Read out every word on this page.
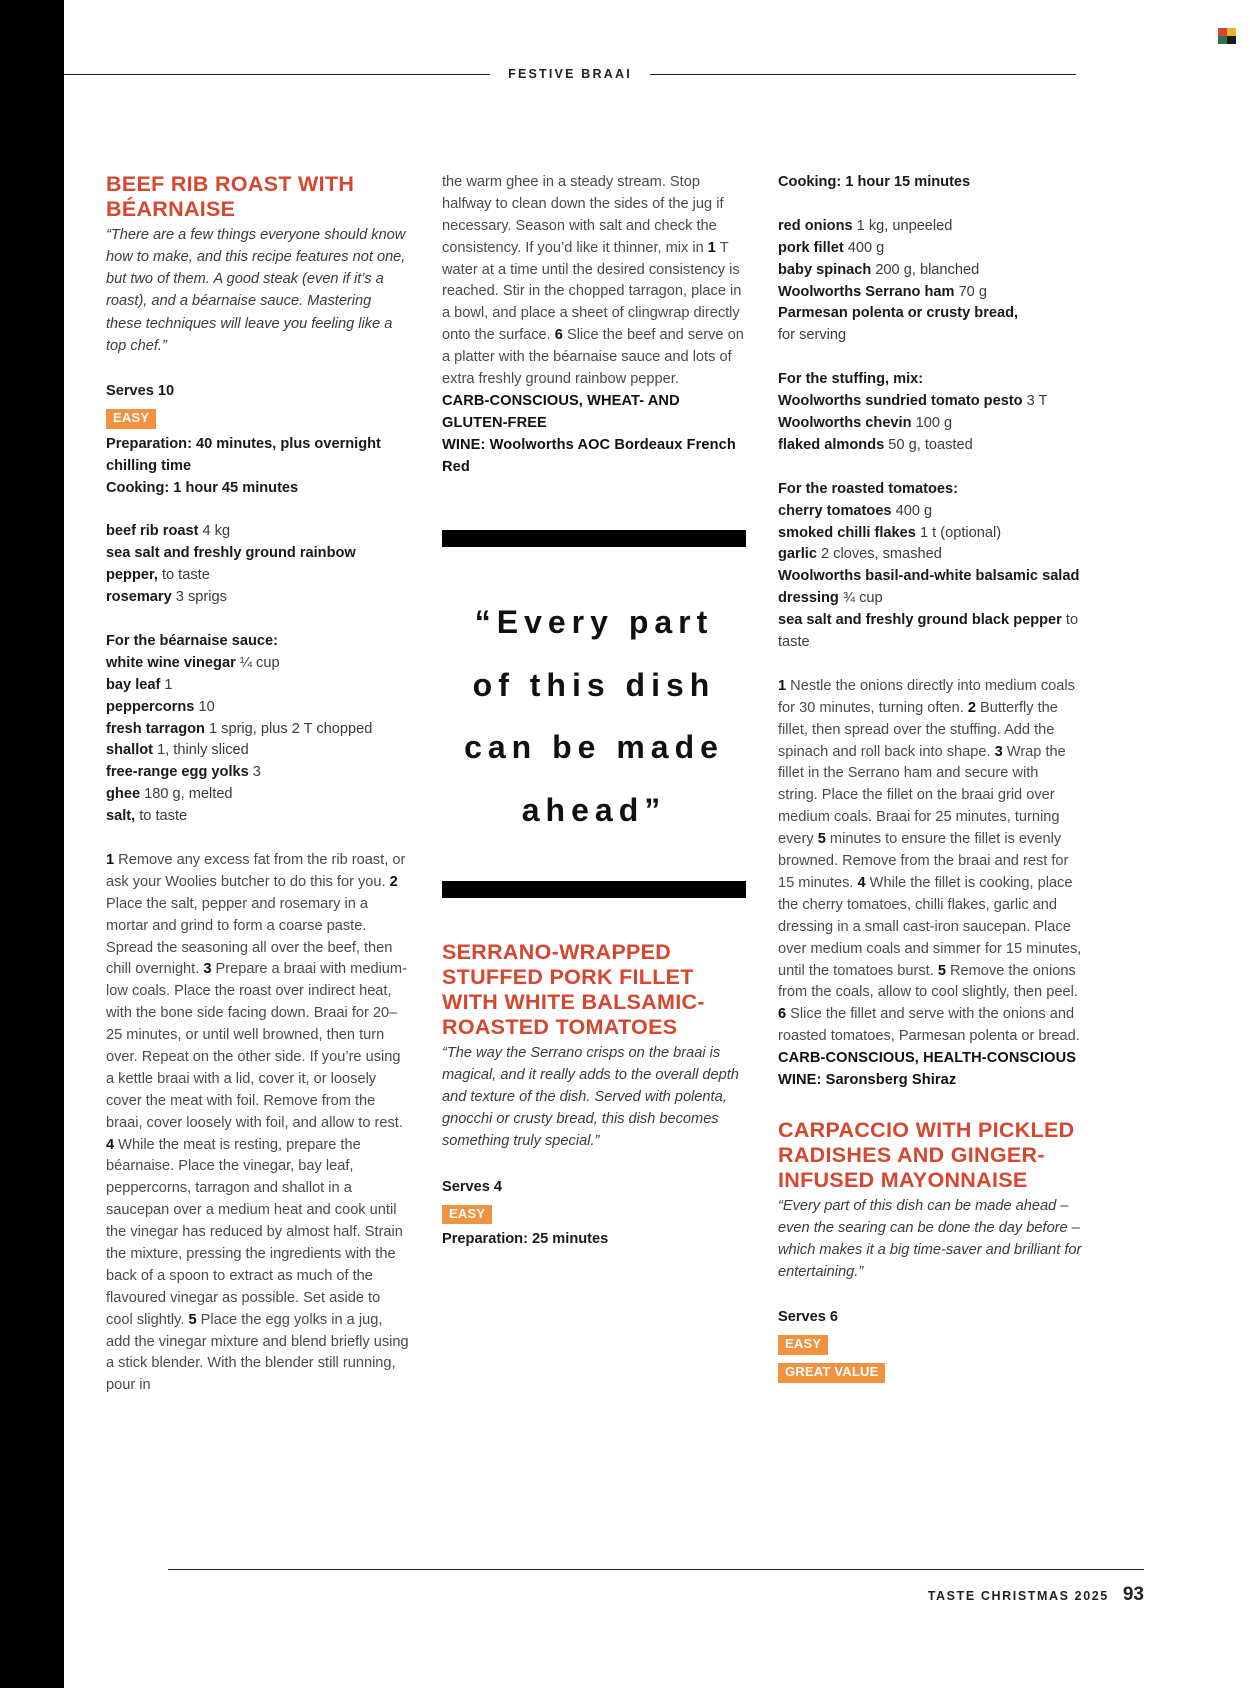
FESTIVE BRAAI
BEEF RIB ROAST WITH BÉARNAISE

“There are a few things everyone should know how to make, and this recipe features not one, but two of them. A good steak (even if it’s a roast), and a béarnaise sauce. Mastering these techniques will leave you feeling like a top chef.”

Serves 10
EASY
Preparation: 40 minutes, plus overnight chilling time
Cooking: 1 hour 45 minutes
beef rib roast 4 kg
sea salt and freshly ground rainbow pepper, to taste
rosemary 3 sprigs
For the béarnaise sauce:
white wine vinegar ¼ cup
bay leaf 1
peppercorns 10
fresh tarragon 1 sprig, plus 2 T chopped
shallot 1, thinly sliced
free-range egg yolks 3
ghee 180 g, melted
salt, to taste
1 Remove any excess fat from the rib roast, or ask your Woolies butcher to do this for you. 2 Place the salt, pepper and rosemary in a mortar and grind to form a coarse paste. Spread the seasoning all over the beef, then chill overnight. 3 Prepare a braai with medium-low coals. Place the roast over indirect heat, with the bone side facing down. Braai for 20–25 minutes, or until well browned, then turn over. Repeat on the other side. If you’re using a kettle braai with a lid, cover it, or loosely cover the meat with foil. Remove from the braai, cover loosely with foil, and allow to rest. 4 While the meat is resting, prepare the béarnaise. Place the vinegar, bay leaf, peppercorns, tarragon and shallot in a saucepan over a medium heat and cook until the vinegar has reduced by almost half. Strain the mixture, pressing the ingredients with the back of a spoon to extract as much of the flavoured vinegar as possible. Set aside to cool slightly. 5 Place the egg yolks in a jug, add the vinegar mixture and blend briefly using a stick blender. With the blender still running, pour in
the warm ghee in a steady stream. Stop halfway to clean down the sides of the jug if necessary. Season with salt and check the consistency. If you’d like it thinner, mix in 1 T water at a time until the desired consistency is reached. Stir in the chopped tarragon, place in a bowl, and place a sheet of clingwrap directly onto the surface. 6 Slice the beef and serve on a platter with the béarnaise sauce and lots of extra freshly ground rainbow pepper.
CARB-CONSCIOUS, WHEAT- AND GLUTEN-FREE
WINE: Woolworths AOC Bordeaux French Red
“Every part of this dish can be made ahead”
SERRANO-WRAPPED STUFFED PORK FILLET WITH WHITE BALSAMIC-ROASTED TOMATOES

“The way the Serrano crisps on the braai is magical, and it really adds to the overall depth and texture of the dish. Served with polenta, gnocchi or crusty bread, this dish becomes something truly special.”

Serves 4
EASY
Preparation: 25 minutes
Cooking: 1 hour 15 minutes
red onions 1 kg, unpeeled
pork fillet 400 g
baby spinach 200 g, blanched
Woolworths Serrano ham 70 g
Parmesan polenta or crusty bread,
for serving
For the stuffing, mix:
Woolworths sundried tomato pesto 3 T
Woolworths chevin 100 g
flaked almonds 50 g, toasted
For the roasted tomatoes:
cherry tomatoes 400 g
smoked chilli flakes 1 t (optional)
garlic 2 cloves, smashed
Woolworths basil-and-white balsamic salad dressing ¾ cup
sea salt and freshly ground black pepper to taste
1 Nestle the onions directly into medium coals for 30 minutes, turning often. 2 Butterfly the fillet, then spread over the stuffing. Add the spinach and roll back into shape. 3 Wrap the fillet in the Serrano ham and secure with string. Place the fillet on the braai grid over medium coals. Braai for 25 minutes, turning every 5 minutes to ensure the fillet is evenly browned. Remove from the braai and rest for 15 minutes. 4 While the fillet is cooking, place the cherry tomatoes, chilli flakes, garlic and dressing in a small cast-iron saucepan. Place over medium coals and simmer for 15 minutes, until the tomatoes burst. 5 Remove the onions from the coals, allow to cool slightly, then peel. 6 Slice the fillet and serve with the onions and roasted tomatoes, Parmesan polenta or bread.
CARB-CONSCIOUS, HEALTH-CONSCIOUS
WINE: Saronsberg Shiraz
CARPACCIO WITH PICKLED RADISHES AND GINGER-INFUSED MAYONNAISE

“Every part of this dish can be made ahead – even the searing can be done the day before – which makes it a big time-saver and brilliant for entertaining.”

Serves 6
EASY
GREAT VALUE
TASTE CHRISTMAS 2025 93
